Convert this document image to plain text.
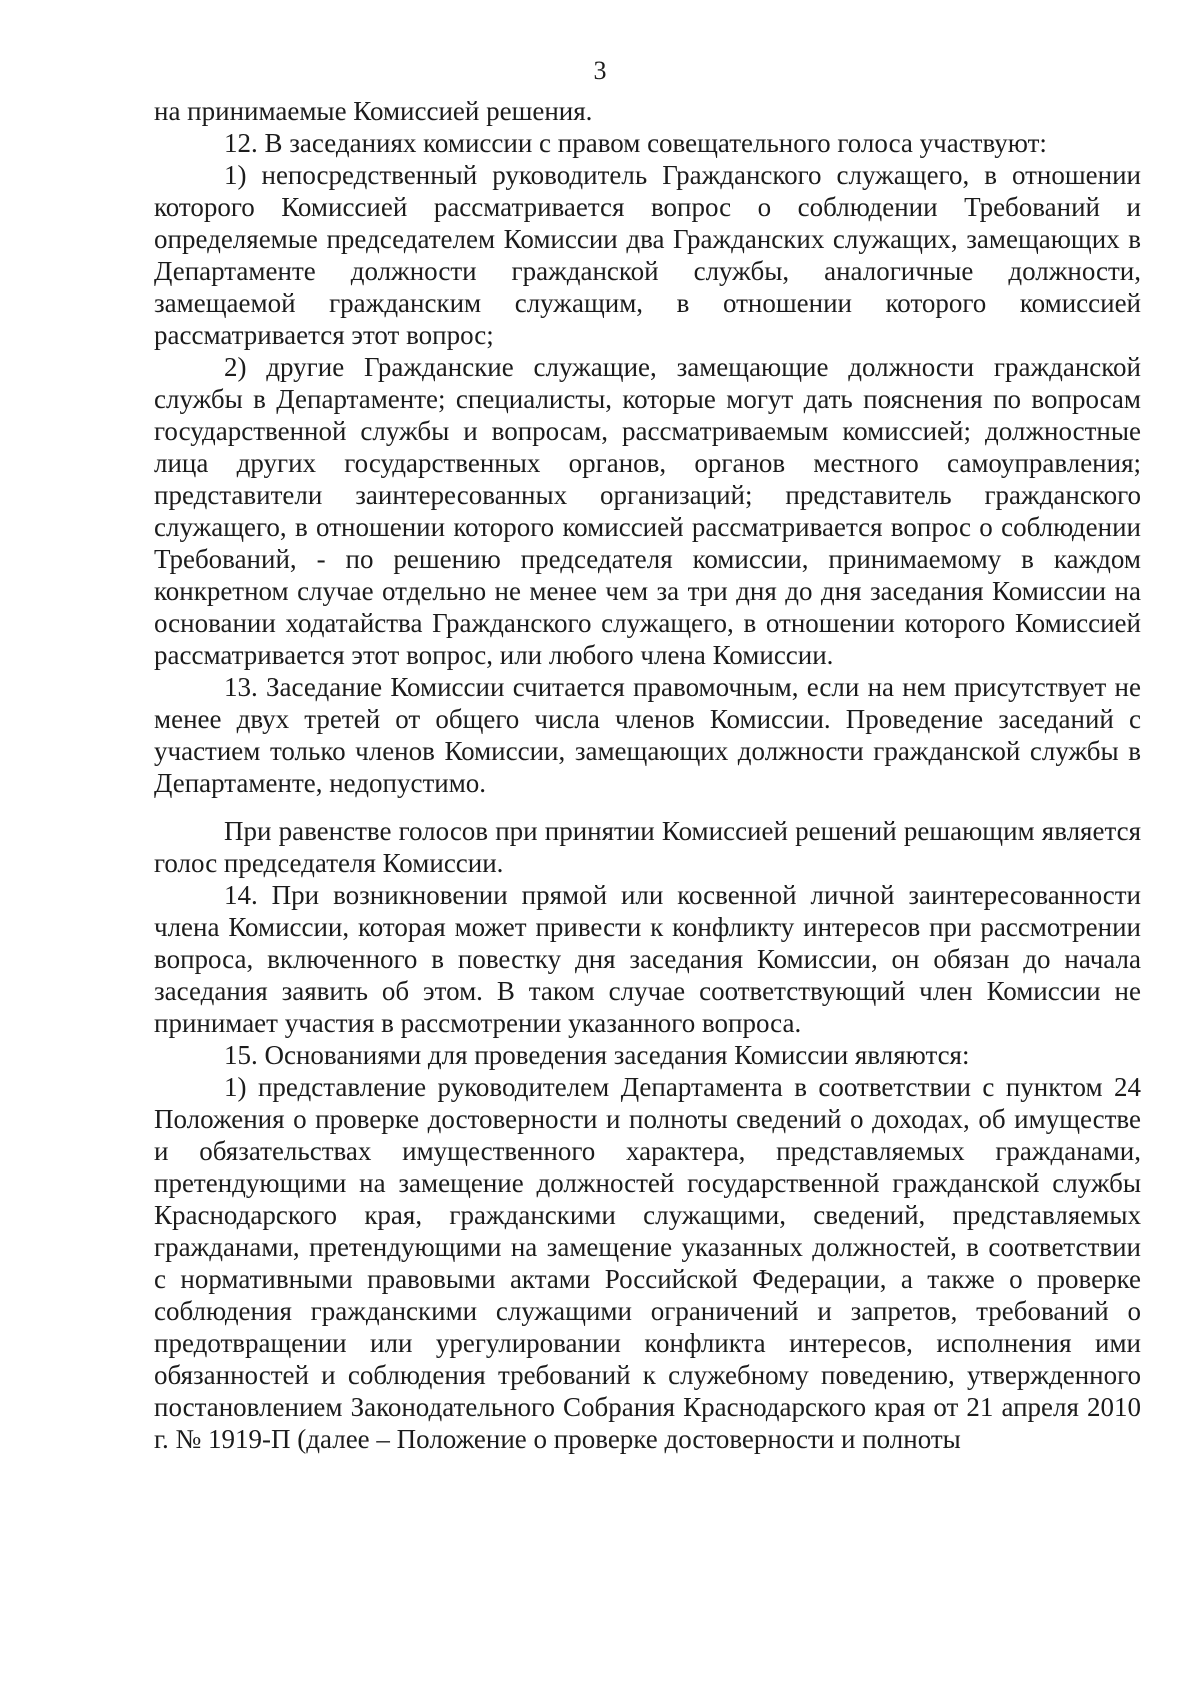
3

на принимаемые Комиссией решения.

12. В заседаниях комиссии с правом совещательного голоса участвуют:

1) непосредственный руководитель Гражданского служащего, в отношении которого Комиссией рассматривается вопрос о соблюдении Требований и определяемые председателем Комиссии два Гражданских служащих, замещающих в Департаменте должности гражданской службы, аналогичные должности, замещаемой гражданским служащим, в отношении которого комиссией рассматривается этот вопрос;

2) другие Гражданские служащие, замещающие должности гражданской службы в Департаменте; специалисты, которые могут дать пояснения по вопросам государственной службы и вопросам, рассматриваемым комиссией; должностные лица других государственных органов, органов местного самоуправления; представители заинтересованных организаций; представитель гражданского служащего, в отношении которого комиссией рассматривается вопрос о соблюдении Требований, - по решению председателя комиссии, принимаемому в каждом конкретном случае отдельно не менее чем за три дня до дня заседания Комиссии на основании ходатайства Гражданского служащего, в отношении которого Комиссией рассматривается этот вопрос, или любого члена Комиссии.

13. Заседание Комиссии считается правомочным, если на нем присутствует не менее двух третей от общего числа членов Комиссии. Проведение заседаний с участием только членов Комиссии, замещающих должности гражданской службы в Департаменте, недопустимо.

При равенстве голосов при принятии Комиссией решений решающим является голос председателя Комиссии.

14. При возникновении прямой или косвенной личной заинтересованности члена Комиссии, которая может привести к конфликту интересов при рассмотрении вопроса, включенного в повестку дня заседания Комиссии, он обязан до начала заседания заявить об этом. В таком случае соответствующий член Комиссии не принимает участия в рассмотрении указанного вопроса.

15. Основаниями для проведения заседания Комиссии являются:

1) представление руководителем Департамента в соответствии с пунктом 24 Положения о проверке достоверности и полноты сведений о доходах, об имуществе и обязательствах имущественного характера, представляемых гражданами, претендующими на замещение должностей государственной гражданской службы Краснодарского края, гражданскими служащими, сведений, представляемых гражданами, претендующими на замещение указанных должностей, в соответствии с нормативными правовыми актами Российской Федерации, а также о проверке соблюдения гражданскими служащими ограничений и запретов, требований о предотвращении или урегулировании конфликта интересов, исполнения ими обязанностей и соблюдения требований к служебному поведению, утвержденного постановлением Законодательного Собрания Краснодарского края от 21 апреля 2010 г. № 1919-П (далее – Положение о проверке достоверности и полноты
